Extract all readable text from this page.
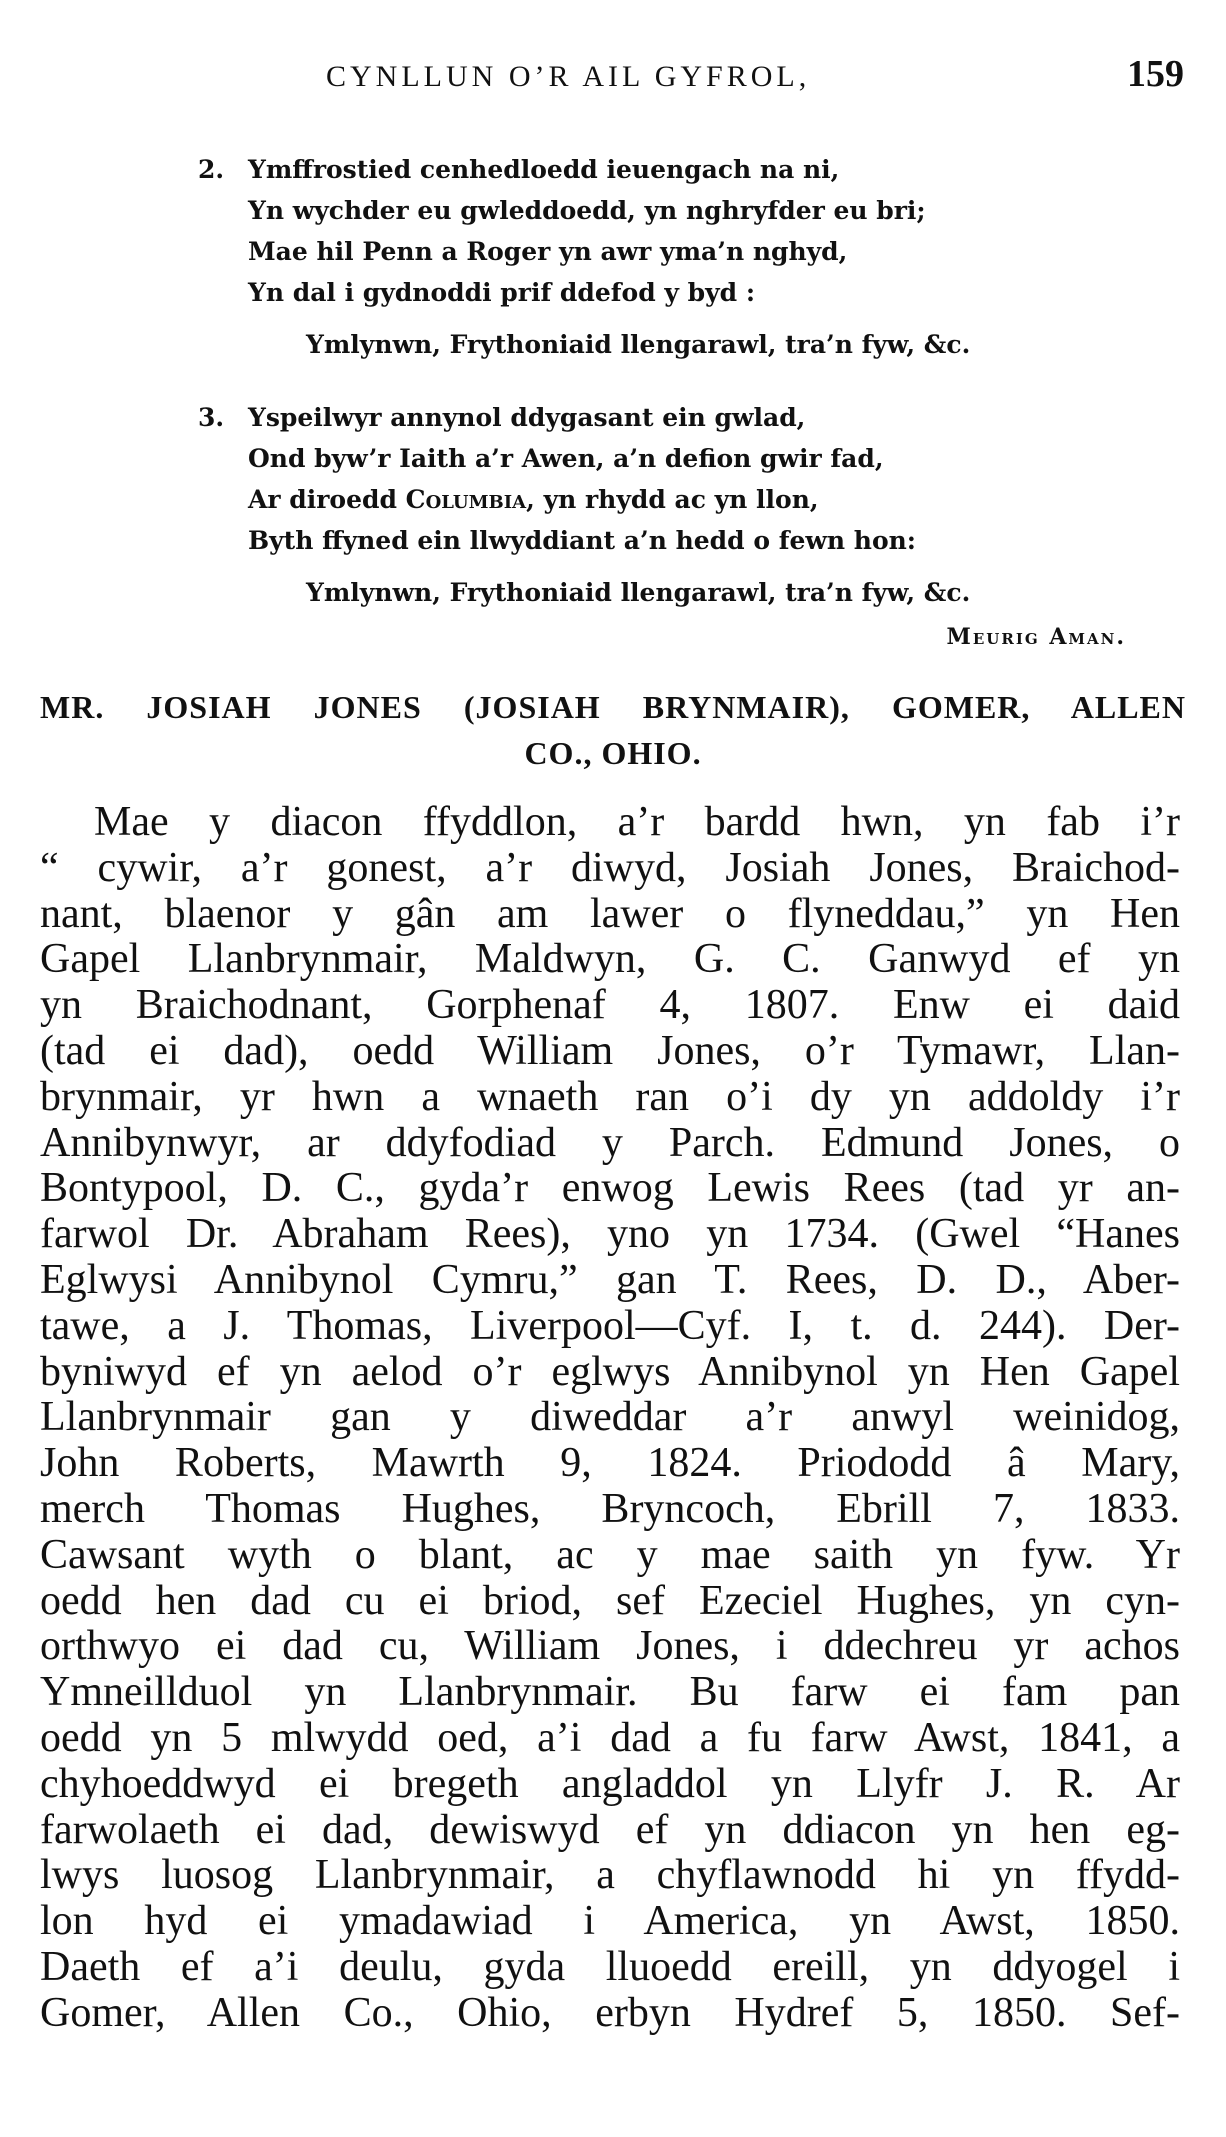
CYNLLUN O’R AIL GYFROL,	159
2. Ymffrostied cenhedloedd ieuengach na ni,
Yn wychder eu gwleddoedd, yn nghryfder eu bri;
Mae hil Penn a Roger yn awr yma’n nghyd,
Yn dal i gydnoddi prif ddefod y byd :
Ymlynwn, Frythoniaid llengarawl, tra’n fyw, &c.
3. Yspeilwyr annynol ddygasant ein gwlad,
Ond byw’r Iaith a’r Awen, a’n defion gwir fad,
Ar diroedd Columbia, yn rhydd ac yn llon,
Byth ffyned ein llwyddiant a’n hedd o fewn hon:
Ymlynwn, Frythoniaid llengarawl, tra’n fyw, &c.
Meurig Aman.
MR. JOSIAH JONES (JOSIAH BRYNMAIR), GOMER, ALLEN
CO., OHIO.
Mae y diacon ffyddlon, a’r bardd hwn, yn fab i’r
“ cywir, a’r gonest, a’r diwyd, Josiah Jones, Braichod-
nant, blaenor y gân am lawer o flyneddau,” yn Hen
Gapel Llanbrynmair, Maldwyn, G. C. Ganwyd ef yn
yn Braichodnant, Gorphenaf 4, 1807. Enw ei daid
(tad ei dad), oedd William Jones, o’r Tymawr, Llan-
brynmair, yr hwn a wnaeth ran o’i dy yn addoldy i’r
Annibynwyr, ar ddyfodiad y Parch. Edmund Jones, o
Bontypool, D. C., gyda’r enwog Lewis Rees (tad yr an-
farwol Dr. Abraham Rees), yno yn 1734. (Gwel “Hanes
Eglwysi Annibynol Cymru,” gan T. Rees, D. D., Aber-
tawe, a J. Thomas, Liverpool—Cyf. I, t. d. 244). Der-
byniwyd ef yn aelod o’r eglwys Annibynol yn Hen Gapel
Llanbrynmair gan y diweddar a’r anwyl weinidog,
John Roberts, Mawrth 9, 1824. Priododd â Mary,
merch Thomas Hughes, Bryncoch, Ebrill 7, 1833.
Cawsant wyth o blant, ac y mae saith yn fyw. Yr
oedd hen dad cu ei briod, sef Ezeciel Hughes, yn cyn-
orthwyo ei dad cu, William Jones, i ddechreu yr achos
Ymneillduol yn Llanbrynmair. Bu farw ei fam pan
oedd yn 5 mlwydd oed, a’i dad a fu farw Awst, 1841, a
chyhoeddwyd ei bregeth angladdol yn Llyfr J. R. Ar
farwolaeth ei dad, dewiswyd ef yn ddiacon yn hen eg-
lwys luosog Llanbrynmair, a chyflawnodd hi yn ffydd-
lon hyd ei ymadawiad i America, yn Awst, 1850.
Daeth ef a’i deulu, gyda lluoedd ereill, yn ddyogel i
Gomer, Allen Co., Ohio, erbyn Hydref 5, 1850. Sef-
